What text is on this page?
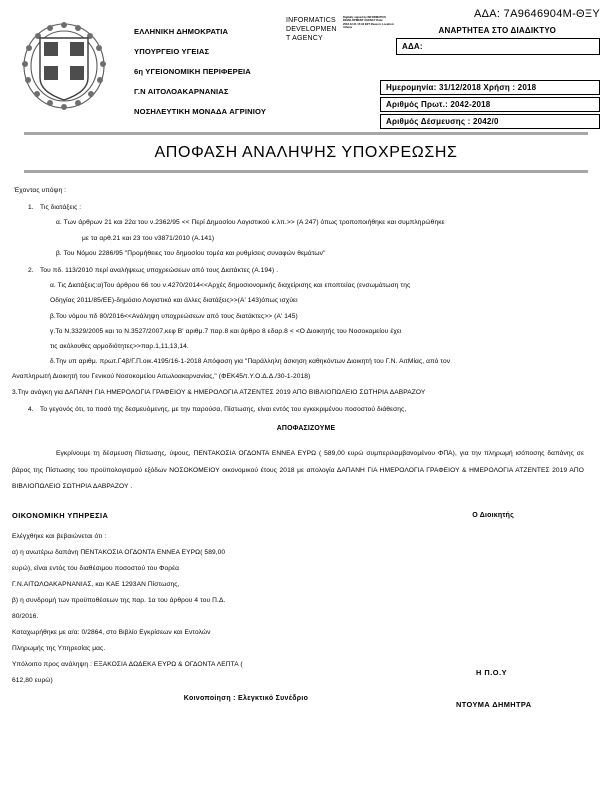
ΕΛΛΗΝΙΚΗ ΔΗΜΟΚΡΑΤΙΑ
ΥΠΟΥΡΓΕΙΟ ΥΓΕΙΑΣ
6η ΥΓΕΙΟΝΟΜΙΚΗ ΠΕΡΙΦΕΡΕΙΑ
Γ.Ν ΑΙΤΟΛΟΑΚΑΡΝΑΝΙΑΣ
ΝΟΣΗΛΕΥΤΙΚΗ ΜΟΝΑΔΑ ΑΓΡΙΝΙΟΥ
INFORMATICS
DEVELOPMEN
T AGENCY
Digitally signed by INFORMATICS DEVELOPMENT AGENCY Date: 2018.12.31 15:33 EET Reason: Location: Athens
ΑΔΑ: 7Α9646904Μ-ΘΞΥ
ΑΝΑΡΤΗΤΕΑ ΣΤΟ ΔΙΑΔΙΚΤΥΟ
ΑΔΑ:
Ημερομηνία: 31/12/2018 Χρήση : 2018
Αριθμός Πρωτ.: 2042-2018
Αριθμός Δέσμευσης : 2042/0
ΑΠΟΦΑΣΗ ΑΝΑΛΗΨΗΣ ΥΠΟΧΡΕΩΣΗΣ
Έχοντας υπόψη :
1. Τις διατάξεις :
α. Των άρθρων 21 και 22α του ν.2362/95 << Περί Δημοσίου Λογιστικού κ.λπ.>> (Α 247) όπως τροποποιήθηκε και συμπληρώθηκε
με τα αρθ.21 και 23 του ν3871/2010 (Α.141)
β. Του Νόμου 2286/95 "Προμήθειες του δημοσίου τομέα και ρυθμίσεις συναφών θεμάτων"
2. Του πδ. 113/2010 περί αναλήψεως υποχρεώσεων από τους Διατάκτες (Α.194) .
α. Τις Διατάξεις:α)Του άρθρου 66 του ν.4270/2014<<Αρχές δημοσιονομικής διαχείρισης και εποπτείας (ενσωμάτωση της
Οδηγίας 2011/85/ΕΕ)-δημόσιο Λογιστικό και άλλες διατάξεις>>(Α' 143)όπως ισχύει
β.Του νόμου πδ 80/2016<<Ανάληψη υποχρεώσεων από τους διατάκτες>> (Α' 145)
γ.Το Ν.3329/2005 και το Ν.3527/2007,κεφ Β' αριθμ.7 παρ.8 και άρθρο 8 εδαρ.8 < <Ο Διοικητής του Νοσοκομείου έχει
τις ακόλουθες αρμοδιότητες>>παρ.1,11,13,14.
δ.Την υπ αριθμ. πρωτ.Γ4β/Γ.Π.οικ.4195/16-1-2018 Απόφαση για "Παράλληλη άσκηση καθηκόντων Διοικητή του Γ.Ν. ΑιτΜίας, από τον
Αναπληρωτή Διοικητή του Γενικού Νοσοκομείου Αιτωλοακαρνανίας," (ΦΕΚ45/τ.Υ.Ο.Δ.Δ./30-1-2018)
3.Την ανάγκη για ΔΑΠΑΝΗ ΓΙΑ ΗΜΕΡΟΛΟΓΙΑ ΓΡΑΦΕΙΟΥ & ΗΜΕΡΟΛΟΓΙΑ ΑΤΖΕΝΤΕΣ 2019 ΑΠΟ ΒΙΒΛΙΟΠΩΛΕΙΟ ΣΩΤΗΡΙΑ ΔΑΒΡΑΖΟΥ
4. Το γεγονός ότι, το ποσό της δεσμευόμενης, με την παρούσα, Πίστωσης, είναι εντός του εγκεκριμένου ποσοστού διάθεσης,
ΑΠΟΦΑΣΙΖΟΥΜΕ
Εγκρίνουμε τη δέσμευση Πίστωσης, ύψους, ΠΕΝΤΑΚΟΣΙΑ ΟΓΔΟΝΤΑ ΕΝΝΕΑ ΕΥΡΩ ( 589,00 ευρώ συμπεριλαμβανομένου ΦΠΑ), για την πληρωμή ισόποσης δαπάνης σε βάρος της Πίστωσης του προϋπολογισμού εξόδων ΝΟΣΟΚΟΜΕΙΟΥ οικονομικού έτους 2018 με απολογία ΔΑΠΑΝΗ ΓΙΑ ΗΜΕΡΟΛΟΓΙΑ ΓΡΑΦΕΙΟΥ & ΗΜΕΡΟΛΟΓΙΑ ΑΤΖΕΝΤΕΣ 2019 ΑΠΟ ΒΙΒΛΙΟΠΩΛΕΙΟ ΣΩΤΗΡΙΑ ΔΑΒΡΑΖΟΥ .
ΟΙΚΟΝΟΜΙΚΗ ΥΠΗΡΕΣΙΑ	Ο Διοικητής
Ελέγχθηκε και βεβαιώνεται ότι :
α) η ανωτέρω δαπάνη ΠΕΝΤΑΚΟΣΙΑ ΟΓΔΟΝΤΑ ΕΝΝΕΑ ΕΥΡΩ( 589,00
ευρώ), είναι εντός του διαθέσιμου ποσοστού του Φορέα
Γ.Ν.ΑΙΤΩΛΟΑΚΑΡΝΑΝΙΑΣ, και ΚΑΕ 1293ΑΝ Πίστωσης,
β) η συνδρομή των προϋποθέσεων της παρ. 1α του άρθρου 4 του Π.Δ.
80/2016.
Καταχωρήθηκε με α/α: 0/2864, στο Βιβλίο Εγκρίσεων και Εντολών
Πληρωμής της Υπηρεσίας μας.
Υπόλοιπο προς ανάληψη : ΕΞΑΚΟΣΙΑ ΔΩΔΕΚΑ ΕΥΡΩ & ΟΓΔΟΝΤΑ ΛΕΠΤΑ (
612,80 ευρώ)
Κοινοποίηση : Ελεγκτικό Συνέδριο
Η Π.Ο.Υ
ΝΤΟΥΜΑ ΔΗΜΗΤΡΑ
